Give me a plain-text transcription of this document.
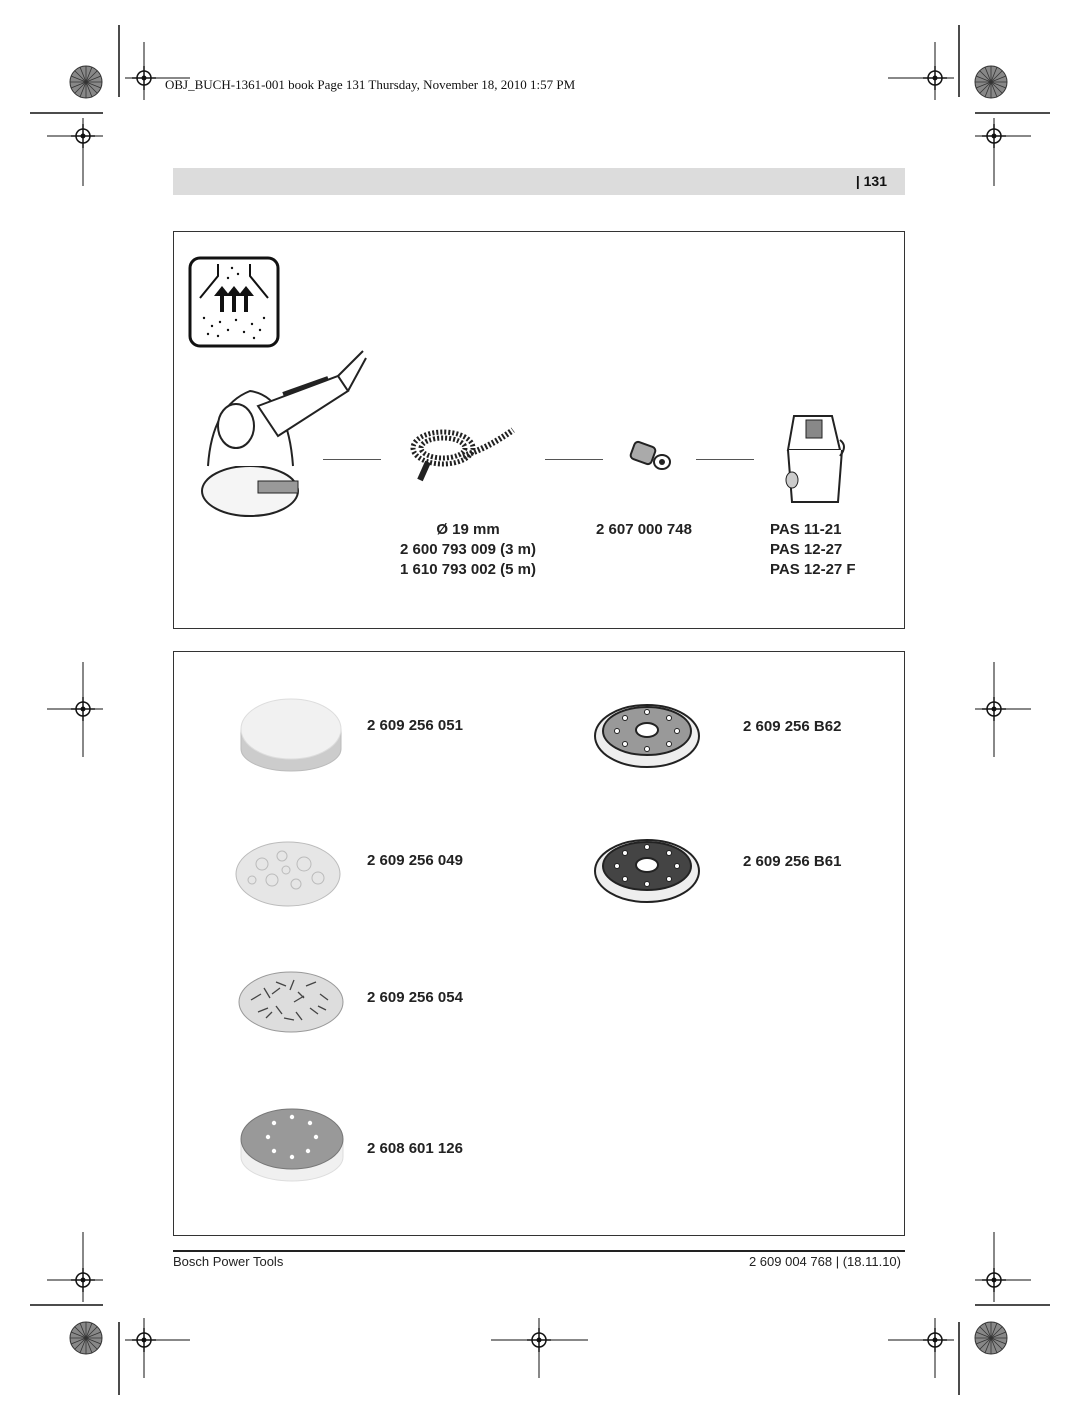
OBJ_BUCH-1361-001 book Page 131 Thursday, November 18, 2010 1:57 PM
| 131
Ø 19 mm
2 600 793 009 (3 m)
1 610 793 002 (5 m)
2 607 000 748	PAS 11-21
PAS 12-27
PAS 12-27 F
2 609 256 051
2 609 256 049
2 609 256 054
2 608 601 126
2 609 256 B62
2 609 256 B61
Bosch Power Tools	2 609 004 768 | (18.11.10)
